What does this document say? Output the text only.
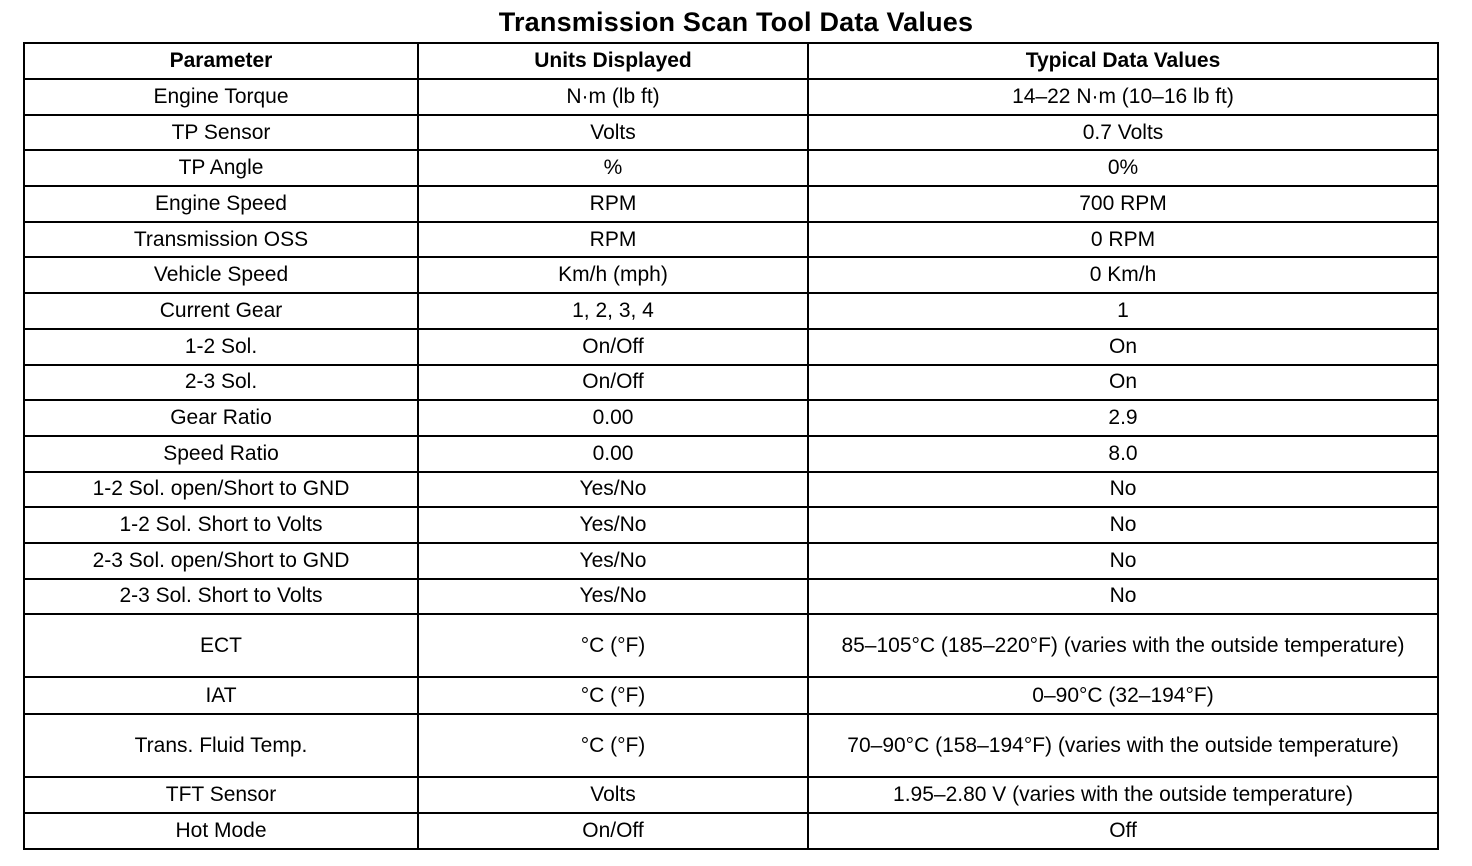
Transmission Scan Tool Data Values
Parameter	Units Displayed	Typical Data Values
Engine Torque	N·m (lb ft)	14–22 N·m (10–16 lb ft)
TP Sensor	Volts	0.7 Volts
TP Angle	%	0%
Engine Speed	RPM	700 RPM
Transmission OSS	RPM	0 RPM
Vehicle Speed	Km/h (mph)	0 Km/h
Current Gear	1, 2, 3, 4	1
1-2 Sol.	On/Off	On
2-3 Sol.	On/Off	On
Gear Ratio	0.00	2.9
Speed Ratio	0.00	8.0
1-2 Sol. open/Short to GND	Yes/No	No
1-2 Sol. Short to Volts	Yes/No	No
2-3 Sol. open/Short to GND	Yes/No	No
2-3 Sol. Short to Volts	Yes/No	No
ECT	°C (°F)	85–105°C (185–220°F) (varies with the outside temperature)
IAT	°C (°F)	0–90°C (32–194°F)
Trans. Fluid Temp.	°C (°F)	70–90°C (158–194°F) (varies with the outside temperature)
TFT Sensor	Volts	1.95–2.80 V (varies with the outside temperature)
Hot Mode	On/Off	Off
